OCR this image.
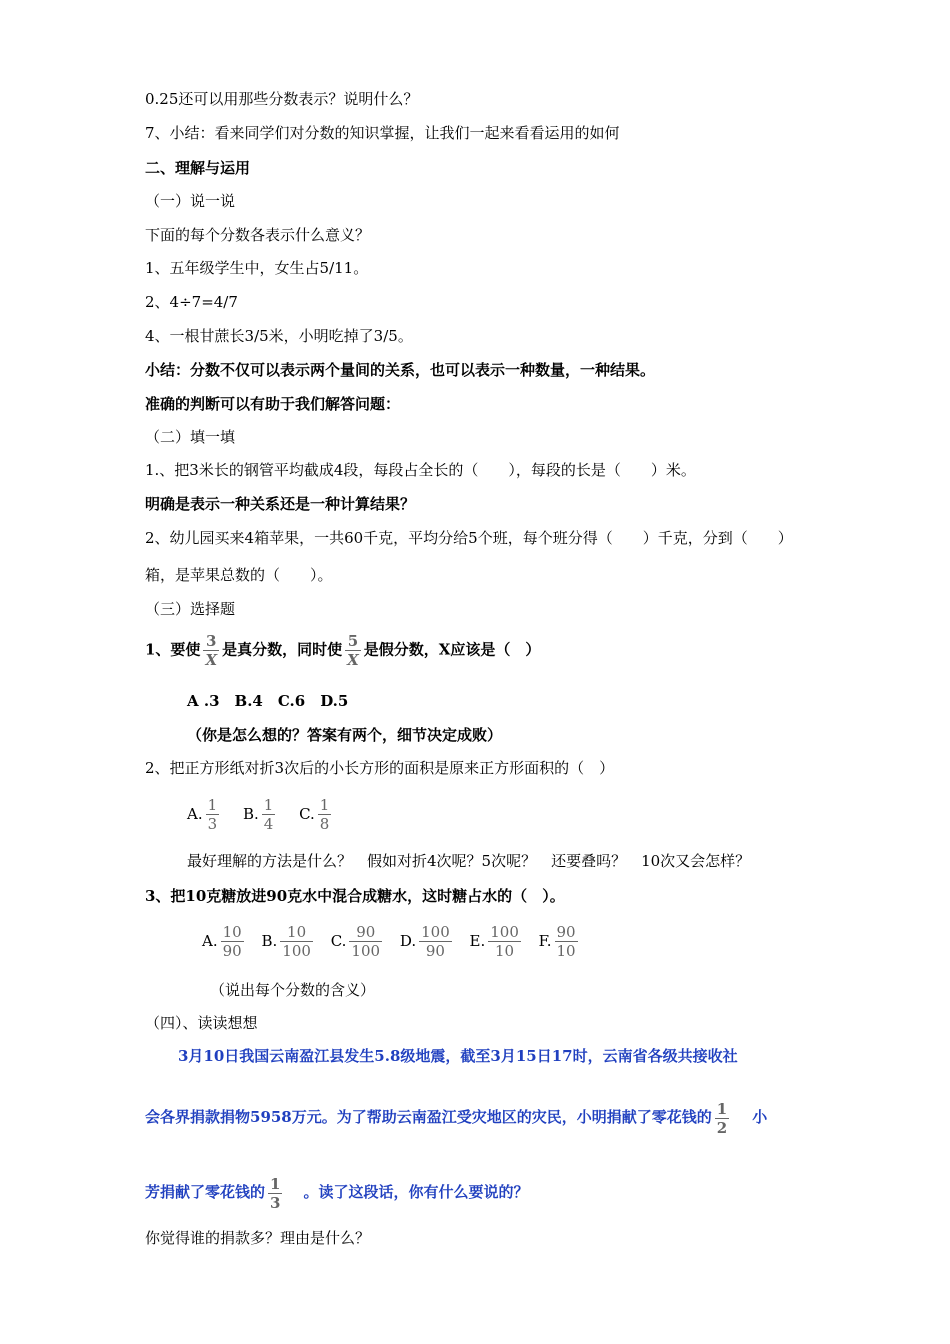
0.25还可以用那些分数表示？说明什么？
7、小结：看来同学们对分数的知识掌握，让我们一起来看看运用的如何
二、理解与运用
（一）说一说
下面的每个分数各表示什么意义？
1、五年级学生中，女生占5/11。
2、4÷7=4/7
4、一根甘蔗长3/5米，小明吃掉了3/5。
小结：分数不仅可以表示两个量间的关系，也可以表示一种数量，一种结果。
准确的判断可以有助于我们解答问题：
（二）填一填
1.、把3米长的钢管平均截成4段，每段占全长的（　　），每段的长是（　　）米。
明确是表示一种关系还是一种计算结果？
2、幼儿园买来4箱苹果，一共60千克，平均分给5个班，每个班分得（　　）千克，分到（　　）
箱，是苹果总数的（　　）。
（三）选择题
1、要使 $\frac{3}{X}$ 是真分数，同时使 $\frac{5}{X}$ 是假分数，X应该是（　）
A .3　B.4　C.6　D.5
（你是怎么想的？答案有两个，细节决定成败）
2、把正方形纸对折3次后的小长方形的面积是原来正方形面积的（　）
A. $\frac{1}{3} B$. $\frac{1}{4} C$. $\frac{1}{8}$
最好理解的方法是什么？　假如对折4次呢？5次呢？　还要叠吗？　10次又会怎样？
3、把10克糖放进90克水中混合成糖水，这时糖占水的（　）。
A. $\frac{10}{90} B$. $\frac{10}{100} C$. $\frac{90}{100} D$. $\frac{100}{90} E$. $\frac{100}{10} F$. $\frac{90}{10}$
（说出每个分数的含义）
（四）、读读想想
3月10日我国云南盈江县发生5.8级地震，截至3月15日17时，云南省各级共接收社
会各界捐款捐物5958万元。为了帮助云南盈江受灾地区的灾民，小明捐献了零花钱的 $\frac{1}{2}$ 小
芳捐献了零花钱的 $\frac{1}{3}$ 。读了这段话，你有什么要说的？
你觉得谁的捐款多？理由是什么？
